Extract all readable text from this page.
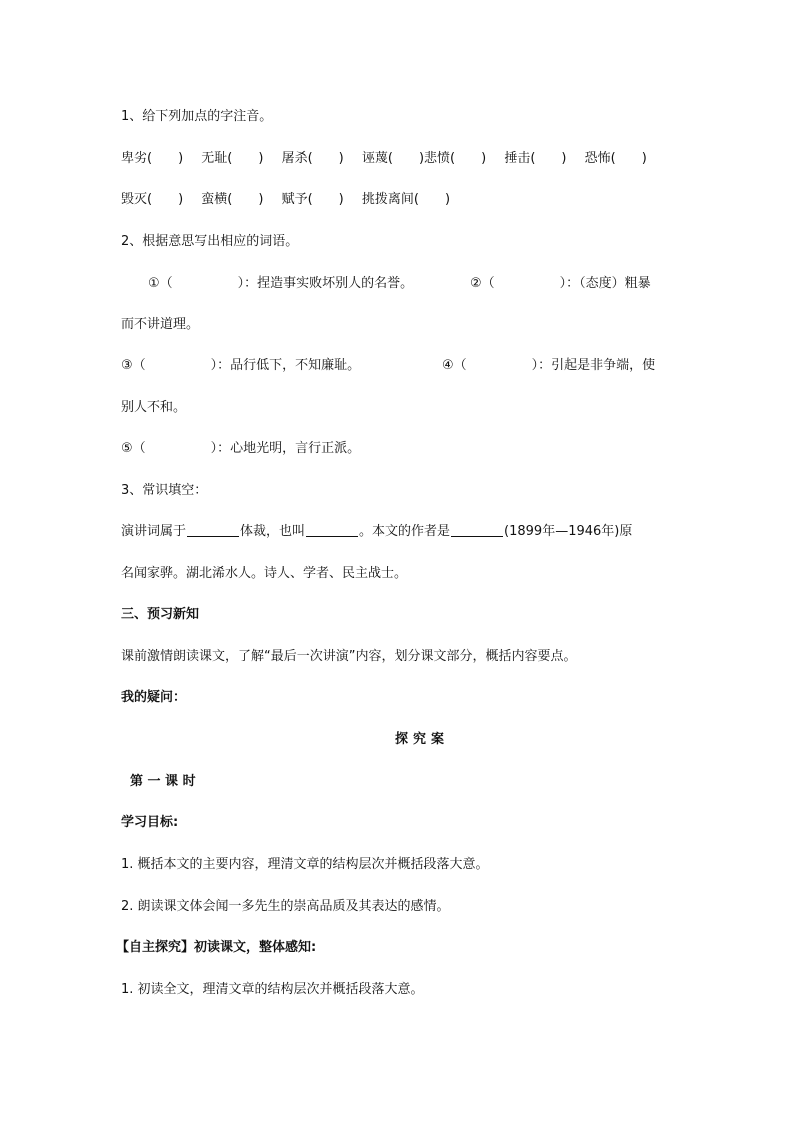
1、给下列加点的字注音。
卑劣(　　) 无耻(　　) 屠杀(　　) 诬蔑(　　)悲愤(　　) 捶击(　　) 恐怖(　　)
毁灭(　　) 蛮横(　　) 赋予(　　) 挑拨离间(　　)
2、根据意思写出相应的词语。
①（　　　　　）：捏造事实败坏别人的名誉。	②（　　　　　）：（态度）粗暴
而不讲道理。
③（　　　　　）：品行低下，不知廉耻。	④（　　　　　）：引起是非争端，使
别人不和。
⑤（　　　　　）：心地光明，言行正派。
3、常识填空：
演讲词属于	体裁，也叫	。本文的作者是	(1899年—1946年)原
名闻家骅。湖北浠水人。诗人、学者、民主战士。
三、预习新知
课前激情朗读课文，了解“最后一次讲演”内容，划分课文部分，概括内容要点。
我的疑问：
探究案
第 一 课 时
学习目标:
1. 概括本文的主要内容，理清文章的结构层次并概括段落大意。
2. 朗读课文体会闻一多先生的崇高品质及其表达的感情。
【自主探究】初读课文，整体感知:
1. 初读全文，理清文章的结构层次并概括段落大意。
